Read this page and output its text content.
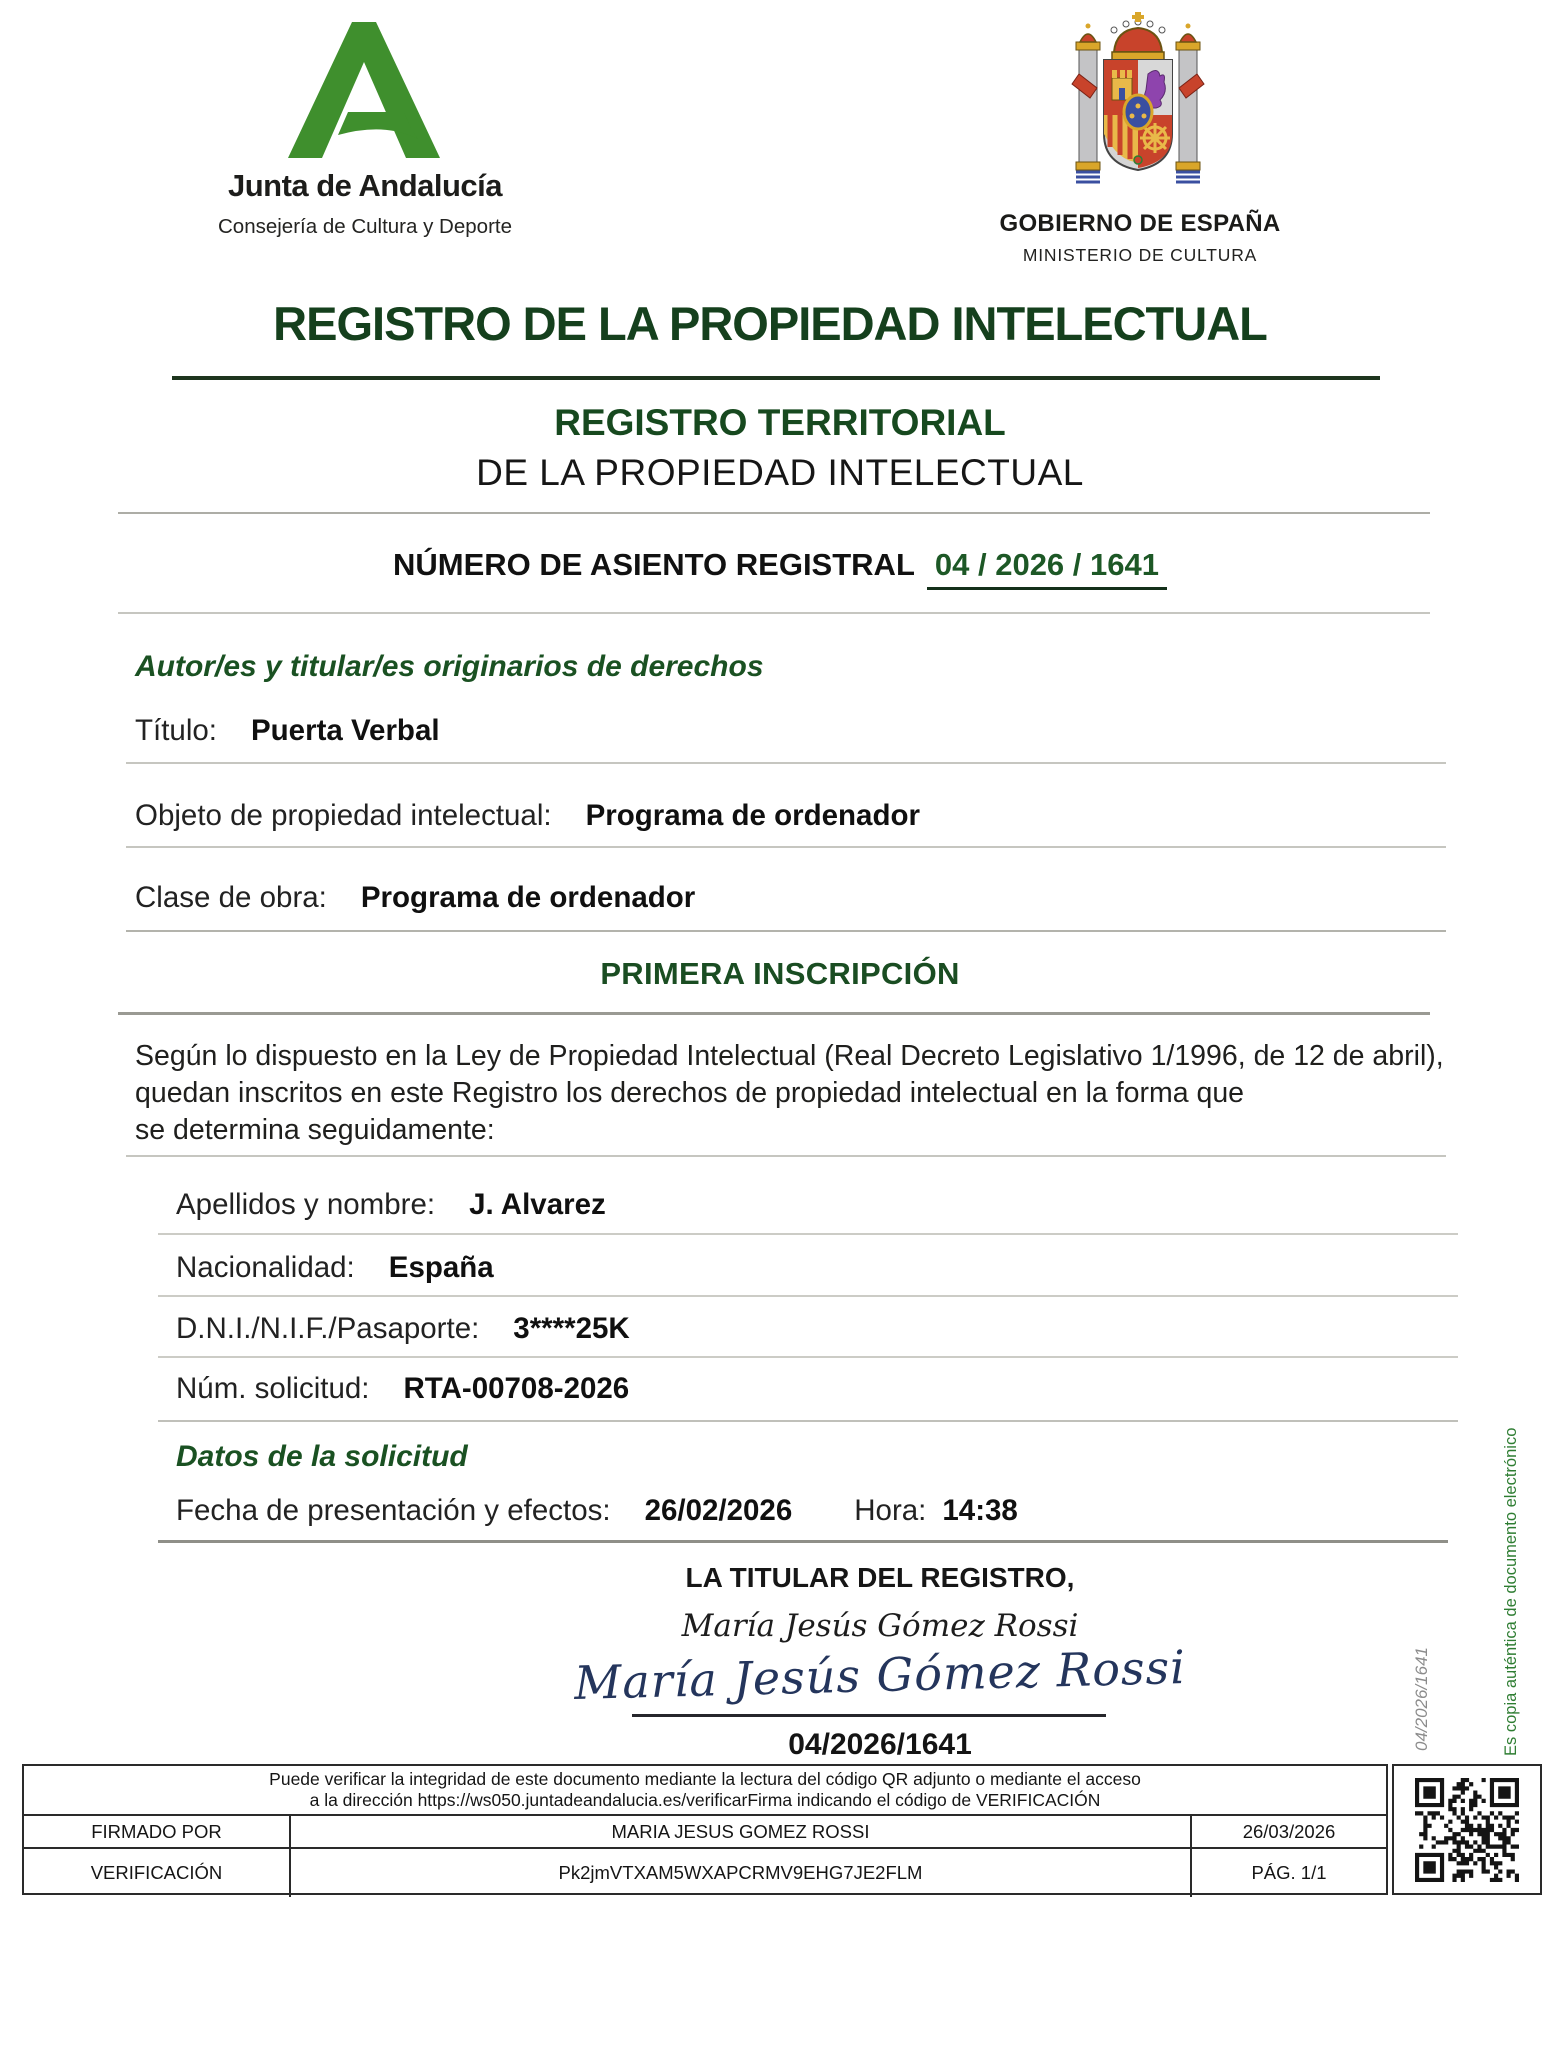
Junta de Andalucía
Consejería de Cultura y Deporte	GOBIERNO DE ESPAÑA
MINISTERIO DE CULTURA
REGISTRO DE LA PROPIEDAD INTELECTUAL
REGISTRO TERRITORIAL
DE LA PROPIEDAD INTELECTUAL
NÚMERO DE ASIENTO REGISTRAL 04 / 2026 / 1641
Autor/es y titular/es originarios de derechos
Título: Puerta Verbal
Objeto de propiedad intelectual: Programa de ordenador
Clase de obra: Programa de ordenador
PRIMERA INSCRIPCIÓN
Según lo dispuesto en la Ley de Propiedad Intelectual (Real Decreto Legislativo 1/1996, de 12 de abril),
quedan inscritos en este Registro los derechos de propiedad intelectual en la forma que
se determina seguidamente:
Apellidos y nombre: J. Alvarez
Nacionalidad: España
D.N.I./N.I.F./Pasaporte: 3****25K
Núm. solicitud: RTA-00708-2026
Datos de la solicitud
Fecha de presentación y efectos: 26/02/2026 Hora: 14:38
LA TITULAR DEL REGISTRO,
María Jesús Gómez Rossi
María Jesús Gómez Rossi
04/2026/1641
Puede verificar la integridad de este documento mediante la lectura del código QR adjunto o mediante el acceso
a la dirección https://ws050.juntadeandalucia.es/verificarFirma indicando el código de VERIFICACIÓN
FIRMADO POR	MARIA JESUS GOMEZ ROSSI	26/03/2026
VERIFICACIÓN	Pk2jmVTXAM5WXAPCRMV9EHG7JE2FLM	PÁG. 1/1
04/2026/1641	Es copia auténtica de documento electrónico
